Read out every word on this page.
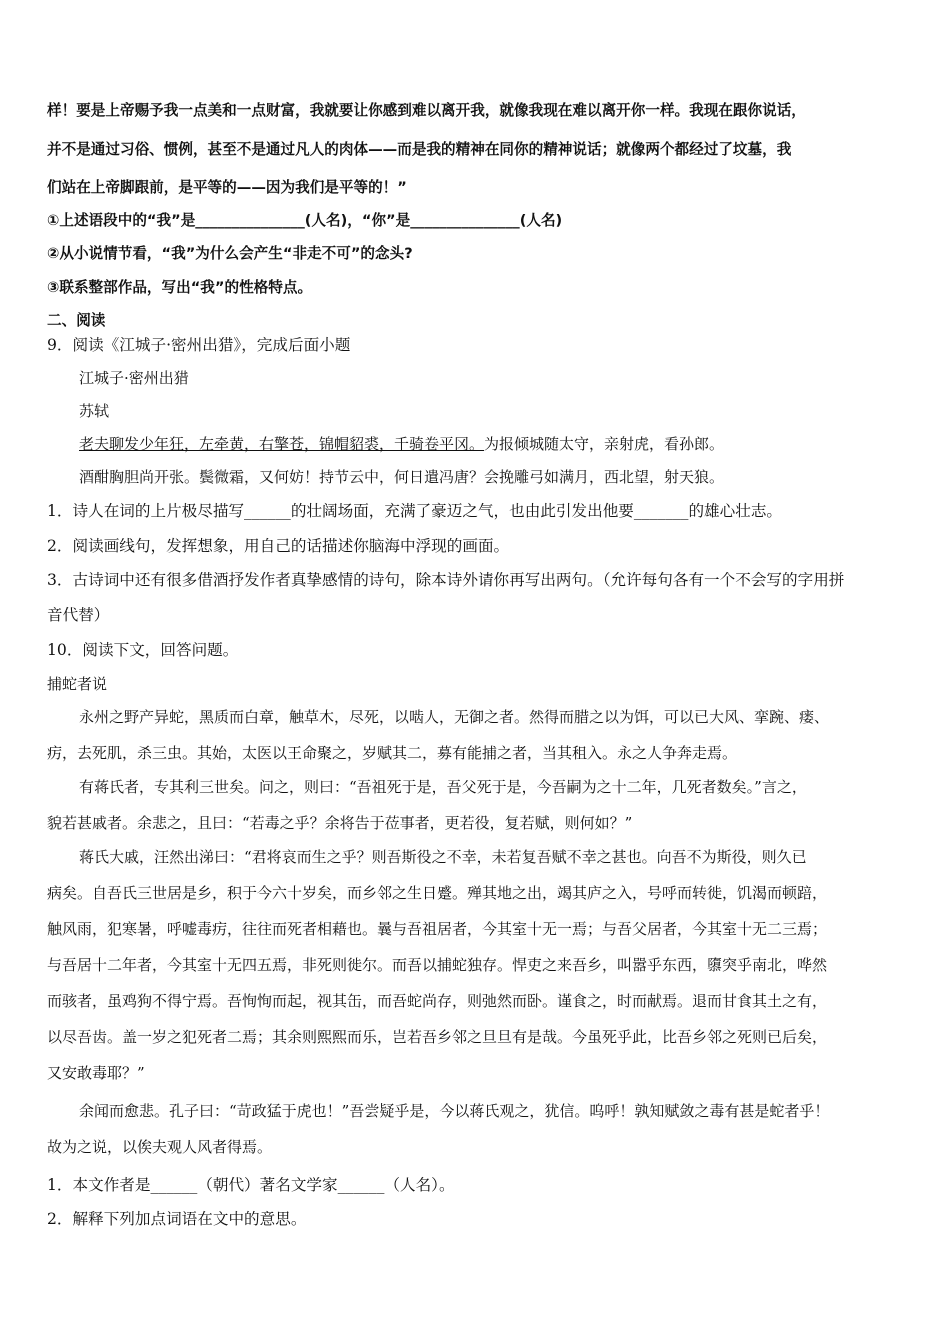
样！要是上帝赐予我一点美和一点财富，我就要让你感到难以离开我，就像我现在难以离开你一样。我现在跟你说话，
并不是通过习俗、惯例，甚至不是通过凡人的肉体——而是我的精神在同你的精神说话；就像两个都经过了坟墓，我
们站在上帝脚跟前，是平等的——因为我们是平等的！”
①上述语段中的“我”是_______________(人名)，“你”是_______________(人名)
②从小说情节看，“我”为什么会产生“非走不可”的念头?
③联系整部作品，写出“我”的性格特点。
二、阅读
9．阅读《江城子·密州出猎》，完成后面小题
江城子·密州出猎
苏轼
老夫聊发少年狂，左牵黄，右擎苍，锦帽貂裘，千骑卷平冈。为报倾城随太守，亲射虎，看孙郎。
酒酣胸胆尚开张。鬓微霜，又何妨！持节云中，何日遣冯唐？会挽雕弓如满月，西北望，射天狼。
1．诗人在词的上片极尽描写______的壮阔场面，充满了豪迈之气，也由此引发出他要_______的雄心壮志。
2．阅读画线句，发挥想象，用自己的话描述你脑海中浮现的画面。
3．古诗词中还有很多借酒抒发作者真挚感情的诗句，除本诗外请你再写出两句。（允许每句各有一个不会写的字用拼
音代替）
10．阅读下文，回答问题。
捕蛇者说
永州之野产异蛇，黑质而白章，触草木，尽死，以啮人，无御之者。然得而腊之以为饵，可以已大风、挛踠、瘘、
疠，去死肌，杀三虫。其始，太医以王命聚之，岁赋其二，募有能捕之者，当其租入。永之人争奔走焉。
有蒋氏者，专其利三世矣。问之，则曰：“吾祖死于是，吾父死于是，今吾嗣为之十二年，几死者数矣。”言之，
貌若甚戚者。余悲之，且曰：“若毒之乎？余将告于莅事者，更若役，复若赋，则何如？”
蒋氏大戚，汪然出涕曰：“君将哀而生之乎？则吾斯役之不幸，未若复吾赋不幸之甚也。向吾不为斯役，则久已
病矣。自吾氏三世居是乡，积于今六十岁矣，而乡邻之生日蹙。殚其地之出，竭其庐之入，号呼而转徙，饥渴而顿踣，
触风雨，犯寒暑，呼嘘毒疠，往往而死者相藉也。曩与吾祖居者，今其室十无一焉；与吾父居者，今其室十无二三焉；
与吾居十二年者，今其室十无四五焉，非死则徙尔。而吾以捕蛇独存。悍吏之来吾乡，叫嚣乎东西，隳突乎南北，哗然
而骇者，虽鸡狗不得宁焉。吾恂恂而起，视其缶，而吾蛇尚存，则弛然而卧。谨食之，时而献焉。退而甘食其土之有，
以尽吾齿。盖一岁之犯死者二焉；其余则熙熙而乐，岂若吾乡邻之旦旦有是哉。今虽死乎此，比吾乡邻之死则已后矣，
又安敢毒耶？”
余闻而愈悲。孔子曰：“苛政猛于虎也！”吾尝疑乎是，今以蒋氏观之，犹信。呜呼！孰知赋敛之毒有甚是蛇者乎！
故为之说，以俟夫观人风者得焉。
1．本文作者是______（朝代）著名文学家______（人名）。
2．解释下列加点词语在文中的意思。
